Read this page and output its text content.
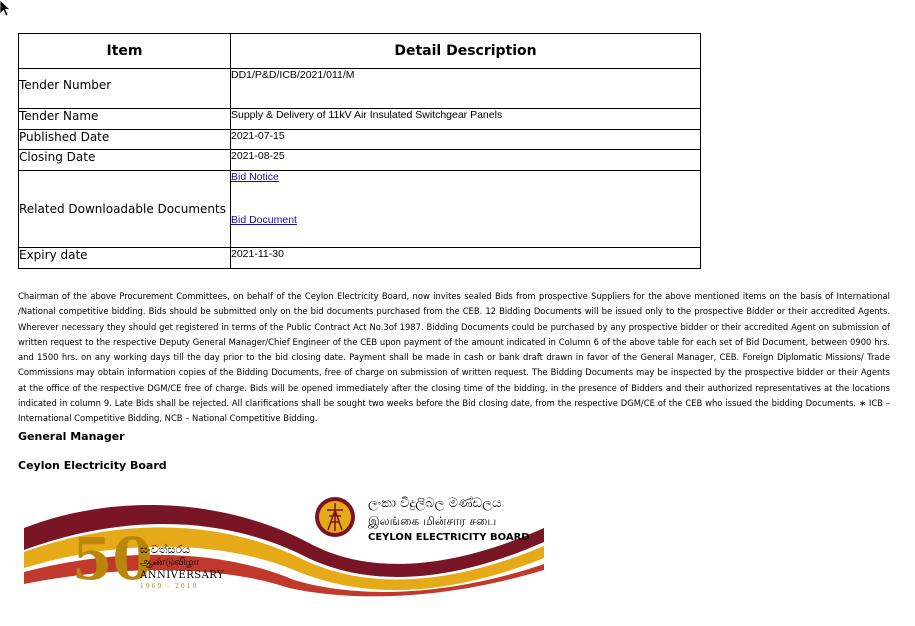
Item	Detail Description
Tender Number	DD1/P&D/ICB/2021/011/M
Tender Name	Supply & Delivery of 11kV Air Insulated Switchgear Panels
Published Date	2021-07-15
Closing Date	2021-08-25
Related Downloadable Documents	Bid Notice
Bid Document

Expiry date	2021-11-30

Chairman of the above Procurement Committees, on behalf of the Ceylon Electricity Board, now invites sealed Bids from prospective Suppliers for the above mentioned items on the basis of International /National competitive bidding. Bids should be submitted only on the bid documents purchased from the CEB. 12 Bidding Documents will be issued only to the prospective Bidder or their accredited Agents. Wherever necessary they should get registered in terms of the Public Contract Act No.3of 1987. Bidding Documents could be purchased by any prospective bidder or their accredited Agent on submission of written request to the respective Deputy General Manager/Chief Engineer of the CEB upon payment of the amount indicated in Column 6 of the above table for each set of Bid Document, between 0900 hrs. and 1500 hrs. on any working days till the day prior to the bid closing date. Payment shall be made in cash or bank draft drawn in favor of the General Manager, CEB. Foreign Diplomatic Missions/ Trade Commissions may obtain information copies of the Bidding Documents, free of charge on submission of written request. The Bidding Documents may be inspected by the prospective bidder or their Agents at the office of the respective DGM/CE free of charge. Bids will be opened immediately after the closing time of the bidding, in the presence of Bidders and their authorized representatives at the locations indicated in column 9. Late Bids shall be rejected. All clarifications shall be sought two weeks before the Bid closing date, from the respective DGM/CE of the CEB who issued the bidding Documents. ∗ ICB – International Competitive Bidding, NCB – National Competitive Bidding.

General Manager
Ceylon Electricity Board
ලංකා විදුලිබල මණ්ඩලය
இலங்கை மின்சார சபை
CEYLON ELECTRICITY BOARD
50
සංවත්සරය
ஆண்டுவிழா
ANNIVERSARY
1969 - 2019
